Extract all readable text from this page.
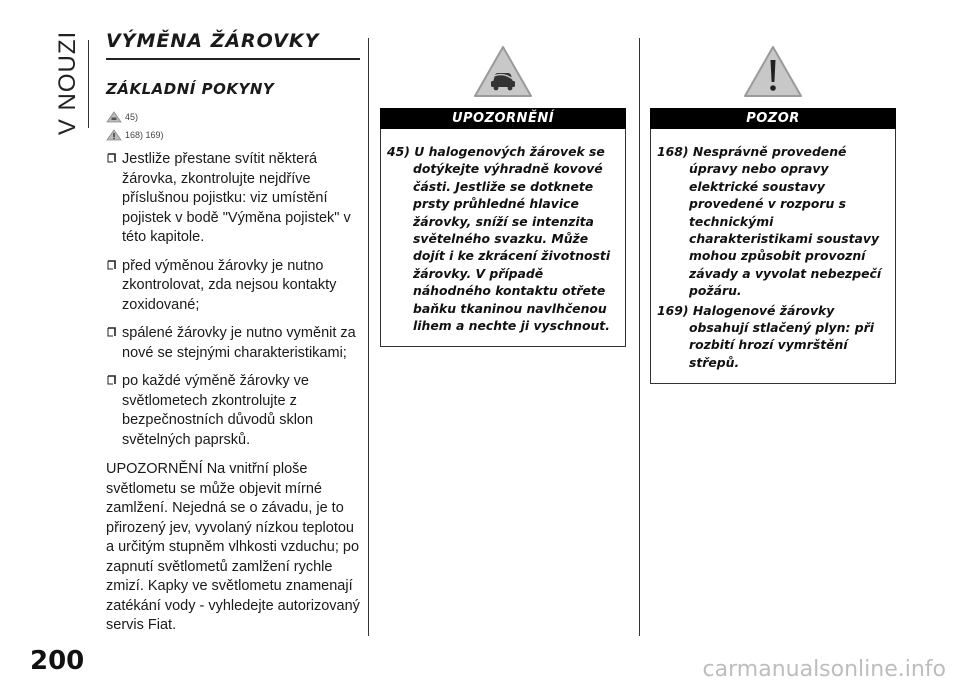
V NOUZI VÝMĚNA ŽÁROVKY
ZÁKLADNÍ POKYNY
45)
168) 169)
Jestliže přestane svítit některá žárovka, zkontrolujte nejdříve příslušnou pojistku: viz umístění pojistek v bodě "Výměna pojistek" v této kapitole.
před výměnou žárovky je nutno zkontrolovat, zda nejsou kontakty zoxidované;
spálené žárovky je nutno vyměnit za nové se stejnými charakteristikami;
po každé výměně žárovky ve světlometech zkontrolujte z bezpečnostních důvodů sklon světelných paprsků.
UPOZORNĚNÍ Na vnitřní ploše světlometu se může objevit mírné zamlžení. Nejedná se o závadu, je to přirozený jev, vyvolaný nízkou teplotou a určitým stupněm vlhkosti vzduchu; po zapnutí světlometů zamlžení rychle zmizí. Kapky ve světlometu znamenají zatékání vody - vyhledejte autorizovaný servis Fiat.
UPOZORNĚNÍ
45) U halogenových žárovek se dotýkejte výhradně kovové části. Jestliže se dotknete prsty průhledné hlavice žárovky, sníží se intenzita světelného svazku. Může dojít i ke zkrácení životnosti žárovky. V případě náhodného kontaktu otřete baňku tkaninou navlhčenou lihem a nechte ji vyschnout.
POZOR
168) Nesprávně provedené úpravy nebo opravy elektrické soustavy provedené v rozporu s technickými charakteristikami soustavy mohou způsobit provozní závady a vyvolat nebezpečí požáru.
169) Halogenové žárovky obsahují stlačený plyn: při rozbití hrozí vymrštění střepů.
200	carmanualsonline.info
